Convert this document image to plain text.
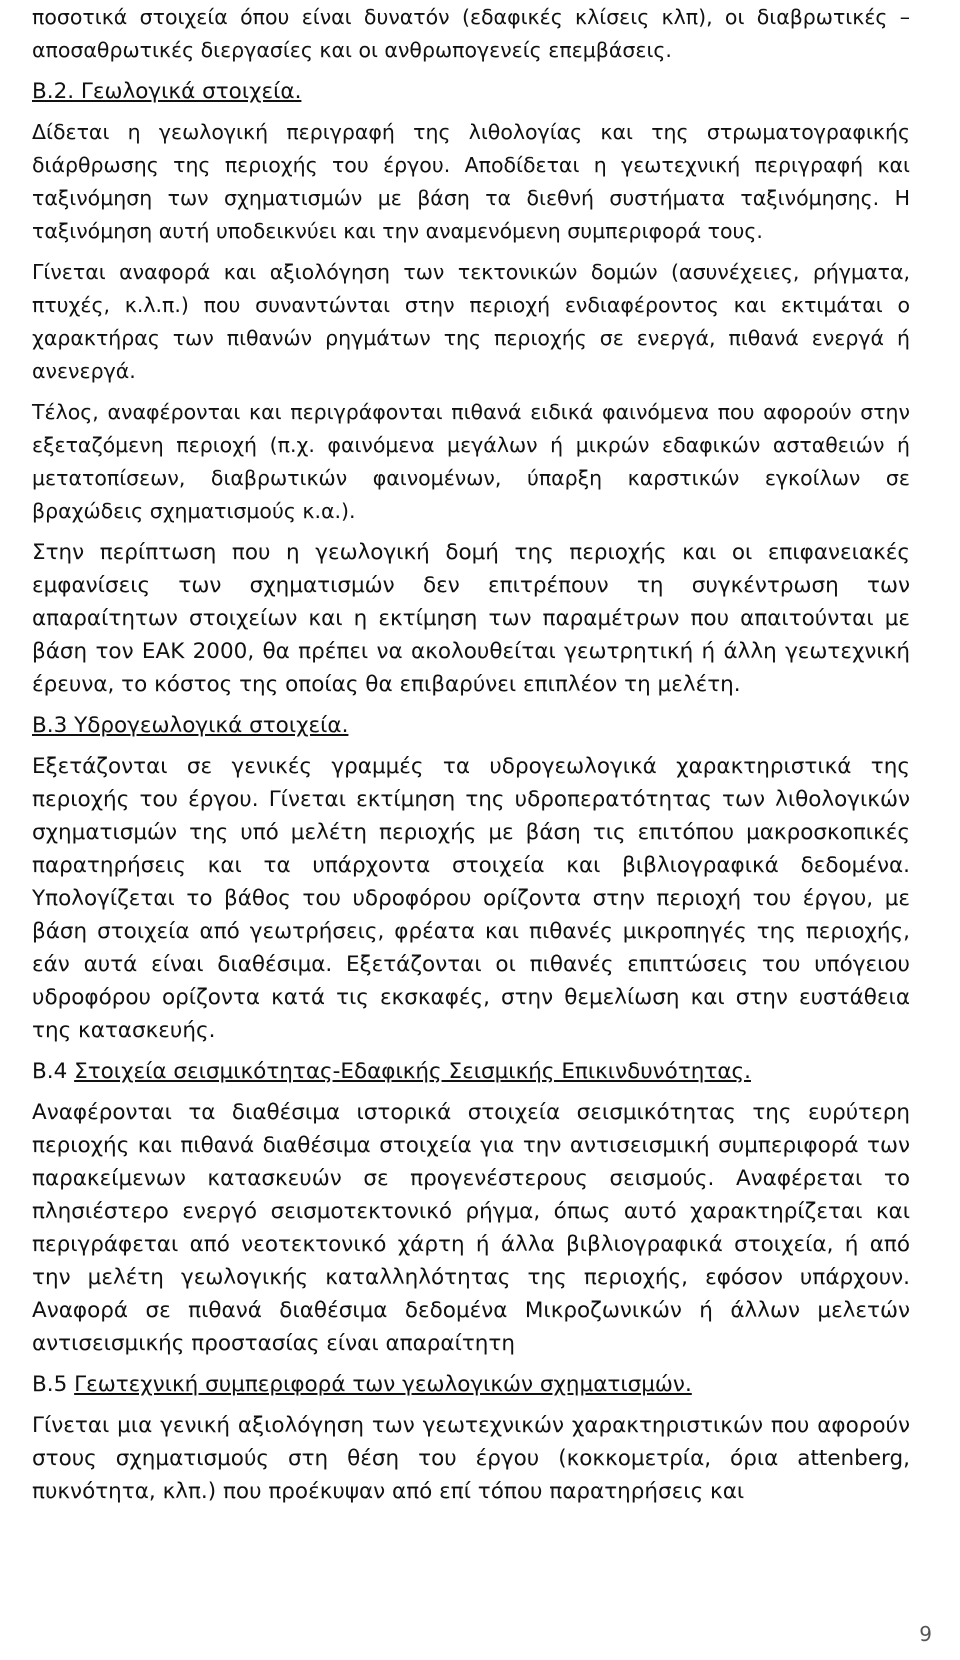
ποσοτικά στοιχεία όπου είναι δυνατόν (εδαφικές κλίσεις κλπ), οι διαβρωτικές – αποσαθρωτικές διεργασίες και οι ανθρωπογενείς επεμβάσεις.

Β.2. Γεωλογικά στοιχεία.

Δίδεται η γεωλογική περιγραφή της λιθολογίας και της στρωματογραφικής διάρθρωσης της περιοχής του έργου. Αποδίδεται η γεωτεχνική περιγραφή και ταξινόμηση των σχηματισμών με βάση τα διεθνή συστήματα ταξινόμησης. Η ταξινόμηση αυτή υποδεικνύει και την αναμενόμενη συμπεριφορά τους.

Γίνεται αναφορά και αξιολόγηση των τεκτονικών δομών (ασυνέχειες, ρήγματα, πτυχές, κ.λ.π.) που συναντώνται στην περιοχή ενδιαφέροντος και εκτιμάται ο χαρακτήρας των πιθανών ρηγμάτων της περιοχής σε ενεργά, πιθανά ενεργά ή ανενεργά.

Τέλος, αναφέρονται και περιγράφονται πιθανά ειδικά φαινόμενα που αφορούν στην εξεταζόμενη περιοχή (π.χ. φαινόμενα μεγάλων ή μικρών εδαφικών ασταθειών ή μετατοπίσεων, διαβρωτικών φαινομένων, ύπαρξη καρστικών εγκοίλων σε βραχώδεις σχηματισμούς κ.α.).

Στην περίπτωση που η γεωλογική δομή της περιοχής και οι επιφανειακές εμφανίσεις των σχηματισμών δεν επιτρέπουν τη συγκέντρωση των απαραίτητων στοιχείων και η εκτίμηση των παραμέτρων που απαιτούνται με βάση τον ΕΑΚ 2000, θα πρέπει να ακολουθείται γεωτρητική ή άλλη γεωτεχνική έρευνα, το κόστος της οποίας θα επιβαρύνει επιπλέον τη μελέτη.

Β.3 Υδρογεωλογικά στοιχεία.

Εξετάζονται σε γενικές γραμμές τα υδρογεωλογικά χαρακτηριστικά της περιοχής του έργου. Γίνεται εκτίμηση της υδροπερατότητας των λιθολογικών σχηματισμών της υπό μελέτη περιοχής με βάση τις επιτόπου μακροσκοπικές παρατηρήσεις και τα υπάρχοντα στοιχεία και βιβλιογραφικά δεδομένα. Υπολογίζεται το βάθος του υδροφόρου ορίζοντα στην περιοχή του έργου, με βάση στοιχεία από γεωτρήσεις, φρέατα και πιθανές μικροπηγές της περιοχής, εάν αυτά είναι διαθέσιμα. Εξετάζονται οι πιθανές επιπτώσεις του υπόγειου υδροφόρου ορίζοντα κατά τις εκσκαφές, στην θεμελίωση και στην ευστάθεια της κατασκευής.

Β.4 Στοιχεία σεισμικότητας-Εδαφικής Σεισμικής Επικινδυνότητας.

Αναφέρονται τα διαθέσιμα ιστορικά στοιχεία σεισμικότητας της ευρύτερη περιοχής και πιθανά διαθέσιμα στοιχεία για την αντισεισμική συμπεριφορά των παρακείμενων κατασκευών σε προγενέστερους σεισμούς. Αναφέρεται το πλησιέστερο ενεργό σεισμοτεκτονικό ρήγμα, όπως αυτό χαρακτηρίζεται και περιγράφεται από νεοτεκτονικό χάρτη ή άλλα βιβλιογραφικά στοιχεία, ή από την μελέτη γεωλογικής καταλληλότητας της περιοχής, εφόσον υπάρχουν. Αναφορά σε πιθανά διαθέσιμα δεδομένα Μικροζωνικών ή άλλων μελετών αντισεισμικής προστασίας είναι απαραίτητη

Β.5 Γεωτεχνική συμπεριφορά των γεωλογικών σχηματισμών.

Γίνεται μια γενική αξιολόγηση των γεωτεχνικών χαρακτηριστικών που αφορούν στους σχηματισμούς στη θέση του έργου (κοκκομετρία, όρια attenberg, πυκνότητα, κλπ.) που προέκυψαν από επί τόπου παρατηρήσεις και

9
